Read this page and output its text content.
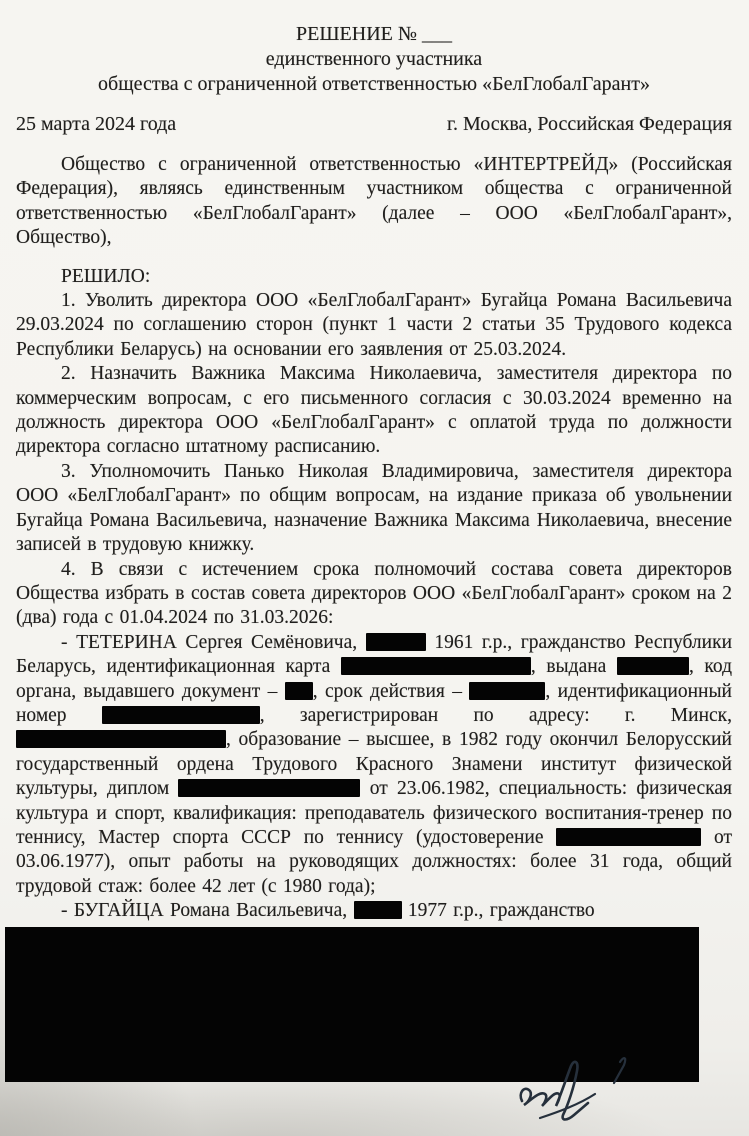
РЕШЕНИЕ № ___
единственного участника
общества с ограниченной ответственностью «БелГлобалГарант»
25 марта 2024 года	г. Москва, Российская Федерация

Общество с ограниченной ответственностью «ИНТЕРТРЕЙД» (Российская Федерация), являясь единственным участником общества с ограниченной ответственностью «БелГлобалГарант» (далее – ООО «БелГлобалГарант», Общество),

РЕШИЛО:

1. Уволить директора ООО «БелГлобалГарант» Бугайца Романа Васильевича 29.03.2024 по соглашению сторон (пункт 1 части 2 статьи 35 Трудового кодекса Республики Беларусь) на основании его заявления от 25.03.2024.

2. Назначить Важника Максима Николаевича, заместителя директора по коммерческим вопросам, с его письменного согласия с 30.03.2024 временно на должность директора ООО «БелГлобалГарант» с оплатой труда по должности директора согласно штатному расписанию.

3. Уполномочить Панько Николая Владимировича, заместителя директора ООО «БелГлобалГарант» по общим вопросам, на издание приказа об увольнении Бугайца Романа Васильевича, назначение Важника Максима Николаевича, внесение записей в трудовую книжку.

4. В связи с истечением срока полномочий состава совета директоров Общества избрать в состав совета директоров ООО «БелГлобалГарант» сроком на 2 (два) года с 01.04.2024 по 31.03.2026:

- ТЕТЕРИНА Сергея Семёновича,	1961 г.р., гражданство Республики Беларусь, идентификационная карта	, выдана	, код органа, выдавшего документ – , срок действия –	, идентификационный номер	, зарегистрирован по адресу: г. Минск, , образование – высшее, в 1982 году окончил Белорусский государственный ордена Трудового Красного Знамени институт физической культуры, диплом	от 23.06.1982, специальность: физическая культура и спорт, квалификация: преподаватель физического воспитания-тренер по теннису, Мастер спорта СССР по теннису (удостоверение	от 03.06.1977), опыт работы на руководящих должностях: более 31 года, общий трудовой стаж: более 42 лет (с 1980 года);

- БУГАЙЦА Романа Васильевича,  1977 г.р., гражданство
